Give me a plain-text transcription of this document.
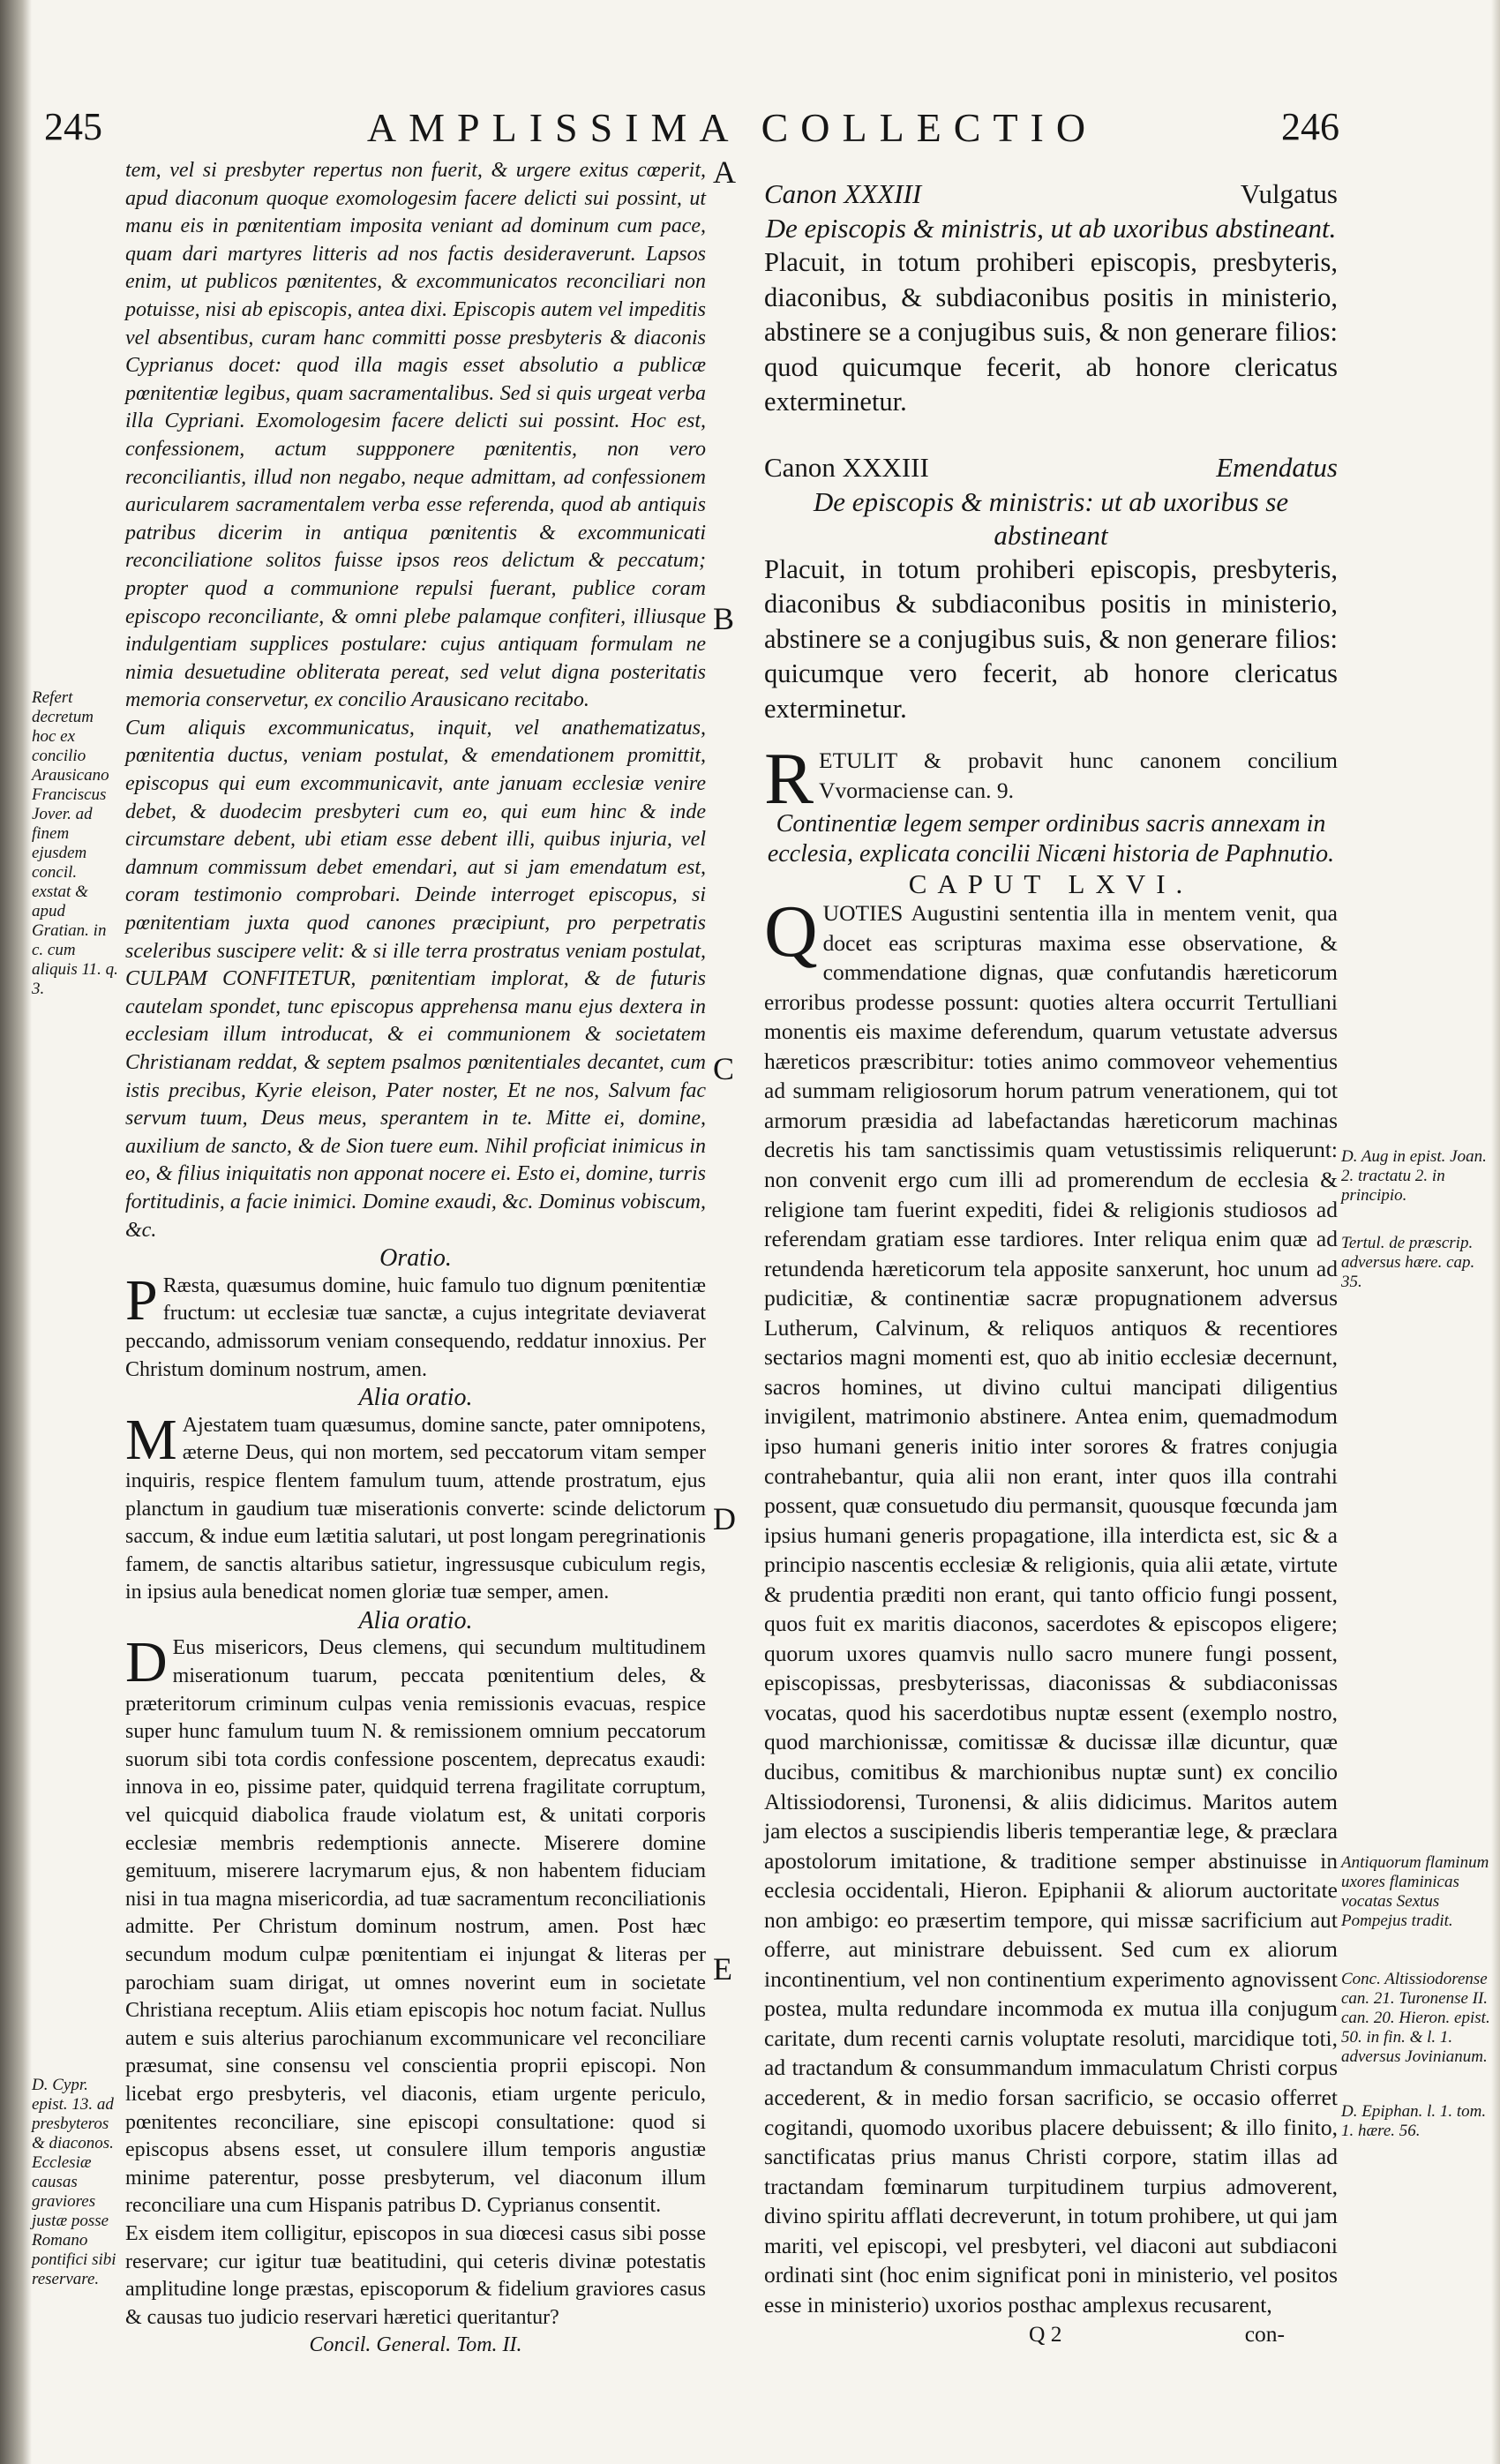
245	AMPLISSIMA COLLECTIO	246
A
B
C
D
E

tem, vel si presbyter repertus non fuerit, & urgere exitus cœperit, apud diaconum quoque exomologesim facere delicti sui possint, ut manu eis in pœnitentiam imposita veniant ad dominum cum pace, quam dari martyres litteris ad nos factis desideraverunt. Lapsos enim, ut publicos pœnitentes, & excommunicatos reconciliari non potuisse, nisi ab episcopis, antea dixi. Episcopis autem vel impeditis vel absentibus, curam hanc committi posse presbyteris & diaconis Cyprianus docet: quod illa magis esset absolutio a publicæ pœnitentiæ legibus, quam sacramentalibus. Sed si quis urgeat verba illa Cypriani. Exomologesim facere delicti sui possint. Hoc est, confessionem, actum suppponere pœnitentis, non vero reconciliantis, illud non negabo, neque admittam, ad confessionem auricularem sacramentalem verba esse referenda, quod ab antiquis patribus dicerim in antiqua pœnitentis & excommunicati reconciliatione solitos fuisse ipsos reos delictum & peccatum; propter quod a communione repulsi fuerant, publice coram episcopo reconciliante, & omni plebe palamque confiteri, illiusque indulgentiam supplices postulare: cujus antiquam formulam ne nimia desuetudine obliterata pereat, sed velut digna posteritatis memoria conservetur, ex concilio Arausicano recitabo.

Cum aliquis excommunicatus, inquit, vel anathematizatus, pœnitentia ductus, veniam postulat, & emendationem promittit, episcopus qui eum excommunicavit, ante januam ecclesiæ venire debet, & duodecim presbyteri cum eo, qui eum hinc & inde circumstare debent, ubi etiam esse debent illi, quibus injuria, vel damnum commissum debet emendari, aut si jam emendatum est, coram testimonio comprobari. Deinde interroget episcopus, si pœnitentiam juxta quod canones præcipiunt, pro perpetratis sceleribus suscipere velit: & si ille terra prostratus veniam postulat, CULPAM CONFITETUR, pœnitentiam implorat, & de futuris cautelam spondet, tunc episcopus apprehensa manu ejus dextera in ecclesiam illum introducat, & ei communionem & societatem Christianam reddat, & septem psalmos pœnitentiales decantet, cum istis precibus, Kyrie eleison, Pater noster, Et ne nos, Salvum fac servum tuum, Deus meus, sperantem in te. Mitte ei, domine, auxilium de sancto, & de Sion tuere eum. Nihil proficiat inimicus in eo, & filius iniquitatis non apponat nocere ei. Esto ei, domine, turris fortitudinis, a facie inimici. Domine exaudi, &c. Dominus vobiscum, &c.

Oratio.

P Ræsta, quæsumus domine, huic famulo tuo dignum pœnitentiæ fructum: ut ecclesiæ tuæ sanctæ, a cujus integritate deviaverat peccando, admissorum veniam consequendo, reddatur innoxius. Per Christum dominum nostrum, amen.

Alia oratio.

M Ajestatem tuam quæsumus, domine sancte, pater omnipotens, æterne Deus, qui non mortem, sed peccatorum vitam semper inquiris, respice flentem famulum tuum, attende prostratum, ejus planctum in gaudium tuæ miserationis converte: scinde delictorum saccum, & indue eum lætitia salutari, ut post longam peregrinationis famem, de sanctis altaribus satietur, ingressusque cubiculum regis, in ipsius aula benedicat nomen gloriæ tuæ semper, amen.

Alia oratio.

D Eus misericors, Deus clemens, qui secundum multitudinem miserationum tuarum, peccata pœnitentium deles, & præteritorum criminum culpas venia remissionis evacuas, respice super hunc famulum tuum N. & remissionem omnium peccatorum suorum sibi tota cordis confessione poscentem, deprecatus exaudi: innova in eo, pissime pater, quidquid terrena fragilitate corruptum, vel quicquid diabolica fraude violatum est, & unitati corporis ecclesiæ membris redemptionis annecte. Miserere domine gemituum, miserere lacrymarum ejus, & non habentem fiduciam nisi in tua magna misericordia, ad tuæ sacramentum reconciliationis admitte. Per Christum dominum nostrum, amen. Post hæc secundum modum culpæ pœnitentiam ei injungat & literas per parochiam suam dirigat, ut omnes noverint eum in societate Christiana receptum. Aliis etiam episcopis hoc notum faciat. Nullus autem e suis alterius parochianum excommunicare vel reconciliare præsumat, sine consensu vel conscientia proprii episcopi. Non licebat ergo presbyteris, vel diaconis, etiam urgente periculo, pœnitentes reconciliare, sine episcopi consultatione: quod si episcopus absens esset, ut consulere illum temporis angustiæ minime paterentur, posse presbyterum, vel diaconum illum reconciliare una cum Hispanis patribus D. Cyprianus consentit.

Ex eisdem item colligitur, episcopos in sua diœcesi casus sibi posse reservare; cur igitur tuæ beatitudini, qui ceteris divinæ potestatis amplitudine longe præstas, episcoporum & fidelium graviores casus & causas tuo judicio reservari hæretici queritantur?

Concil. General. Tom. II.

Canon XXXIII	Vulgatus

De episcopis & ministris, ut ab uxoribus abstineant.

Placuit, in totum prohiberi episcopis, presbyteris, diaconibus, & subdiaconibus positis in ministerio, abstinere se a conjugibus suis, & non generare filios: quod quicumque fecerit, ab honore clericatus exterminetur.

Canon XXXIII	Emendatus

De episcopis & ministris: ut ab uxoribus se abstineant

Placuit, in totum prohiberi episcopis, presbyteris, diaconibus & subdiaconibus positis in ministerio, abstinere se a conjugibus suis, & non generare filios: quicumque vero fecerit, ab honore clericatus exterminetur.

RETULIT & probavit hunc canonem concilium Vvormaciense can. 9.

Continentiæ legem semper ordinibus sacris annexam in ecclesia, explicata concilii Nicæni historia de Paphnutio.

CAPUT LXVI.

QUOTIES Augustini sententia illa in mentem venit, qua docet eas scripturas maxima esse observatione, & commendatione dignas, quæ confutandis hæreticorum erroribus prodesse possunt: quoties altera occurrit Tertulliani monentis eis maxime deferendum, quarum vetustate adversus hæreticos præscribitur: toties animo commoveor vehementius ad summam religiosorum horum patrum venerationem, qui tot armorum præsidia ad labefactandas hæreticorum machinas decretis his tam sanctissimis quam vetustissimis reliquerunt: non convenit ergo cum illi ad promerendum de ecclesia & religione tam fuerint expediti, fidei & religionis studiosos ad referendam gratiam esse tardiores. Inter reliqua enim quæ ad retundenda hæreticorum tela apposite sanxerunt, hoc unum ad pudicitiæ, & continentiæ sacræ propugnationem adversus Lutherum, Calvinum, & reliquos antiquos & recentiores sectarios magni momenti est, quo ab initio ecclesiæ decernunt, sacros homines, ut divino cultui mancipati diligentius invigilent, matrimonio abstinere. Antea enim, quemadmodum ipso humani generis initio inter sorores & fratres conjugia contrahebantur, quia alii non erant, inter quos illa contrahi possent, quæ consuetudo diu permansit, quousque fœcunda jam ipsius humani generis propagatione, illa interdicta est, sic & a principio nascentis ecclesiæ & religionis, quia alii ætate, virtute & prudentia præditi non erant, qui tanto officio fungi possent, quos fuit ex maritis diaconos, sacerdotes & episcopos eligere; quorum uxores quamvis nullo sacro munere fungi possent, episcopissas, presbyterissas, diaconissas & subdiaconissas vocatas, quod his sacerdotibus nuptæ essent (exemplo nostro, quod marchionissæ, comitissæ & ducissæ illæ dicuntur, quæ ducibus, comitibus & marchionibus nuptæ sunt) ex concilio Altissiodorensi, Turonensi, & aliis didicimus. Maritos autem jam electos a suscipiendis liberis temperantiæ lege, & præclara apostolorum imitatione, & traditione semper abstinuisse in ecclesia occidentali, Hieron. Epiphanii & aliorum auctoritate non ambigo: eo præsertim tempore, qui missæ sacrificium aut offerre, aut ministrare debuissent. Sed cum ex aliorum incontinentium, vel non continentium experimento agnovissent postea, multa redundare incommoda ex mutua illa conjugum caritate, dum recenti carnis voluptate resoluti, marcidique toti, ad tractandum & consummandum immaculatum Christi corpus accederent, & in medio forsan sacrificio, se occasio offerret cogitandi, quomodo uxoribus placere debuissent; & illo finito, sanctificatas prius manus Christi corpore, statim illas ad tractandam fœminarum turpitudinem turpius admoverent, divino spiritu afflati decreverunt, in totum prohibere, ut qui jam mariti, vel episcopi, vel presbyteri, vel diaconi aut subdiaconi ordinati sint (hoc enim significat poni in ministerio, vel positos esse in ministerio) uxorios posthac amplexus recusarent,

Q 2	con-

Refert decretum hoc ex concilio Arausicano Franciscus Jover. ad finem ejusdem concil. exstat & apud Gratian. in c. cum aliquis 11. q. 3.
D. Cypr. epist. 13. ad presbyteros & diaconos. Ecclesiæ causas graviores justæ posse Romano pontifici sibi reservare.
D. Aug in epist. Joan. 2. tractatu 2. in principio.
Tertul. de præscrip. adversus hære. cap. 35.
Antiquorum flaminum uxores flaminicas vocatas Sextus Pompejus tradit.
Conc. Altissiodorense can. 21. Turonense II. can. 20. Hieron. epist. 50. in fin. & l. 1. adversus Jovinianum.
D. Epiphan. l. 1. tom. 1. hære. 56.
